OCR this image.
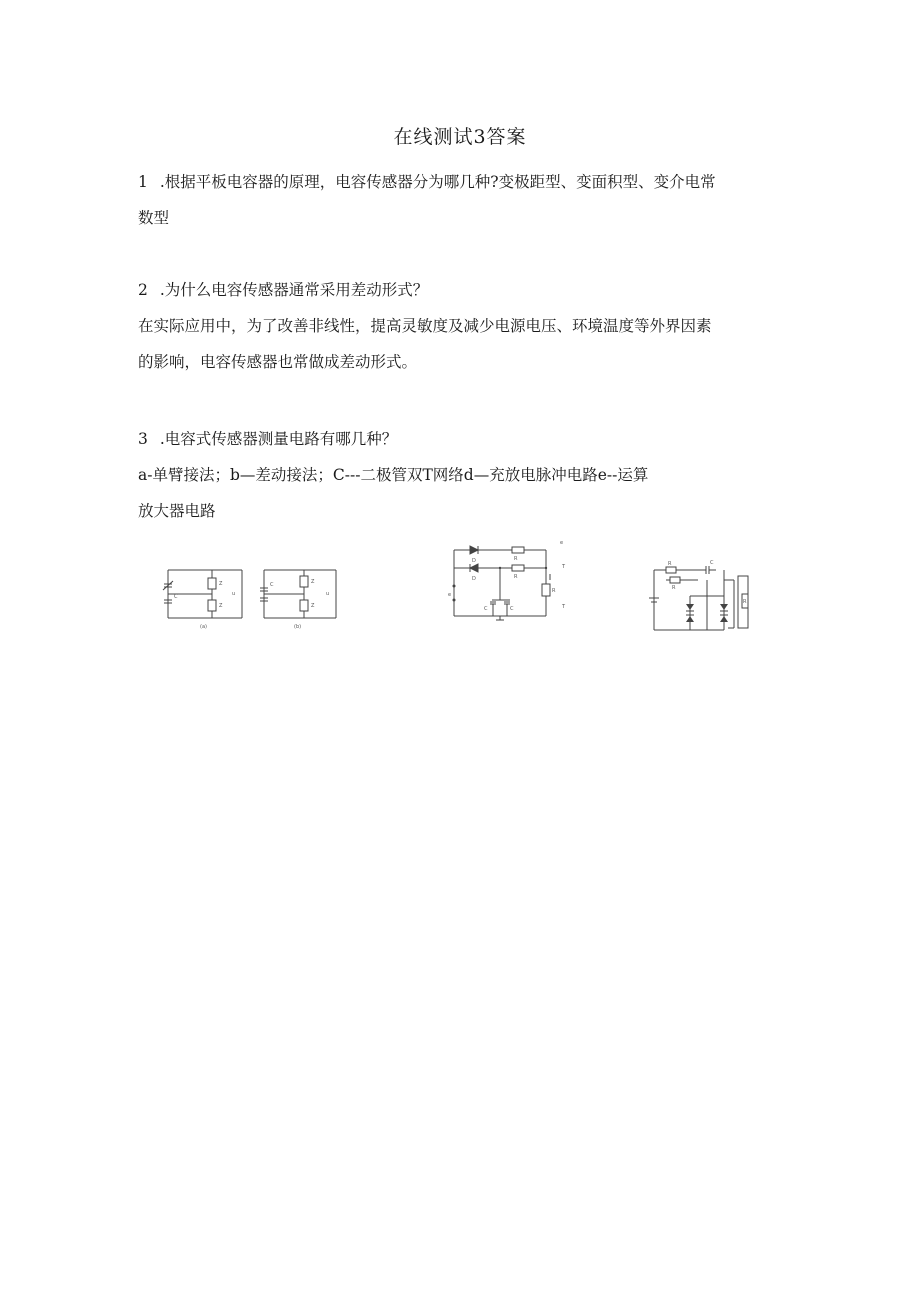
在线测试3答案
1 .根据平板电容器的原理，电容传感器分为哪几种?变极距型、变面积型、变介电常
数型
2 .为什么电容传感器通常采用差动形式？
在实际应用中，为了改善非线性，提高灵敏度及减少电源电压、环境温度等外界因素
的影响，电容传感器也常做成差动形式。
3 .电容式传感器测量电路有哪几种？
a-单臂接法；b—差动接法；C---二极管双T网络d—充放电脉冲电路e--运算
放大器电路
Z
Z
C	u
(a)
C	Z
Z
u
(b)
D
D
R
R
R
C	C
e
e
T
T
R
R
C
R
